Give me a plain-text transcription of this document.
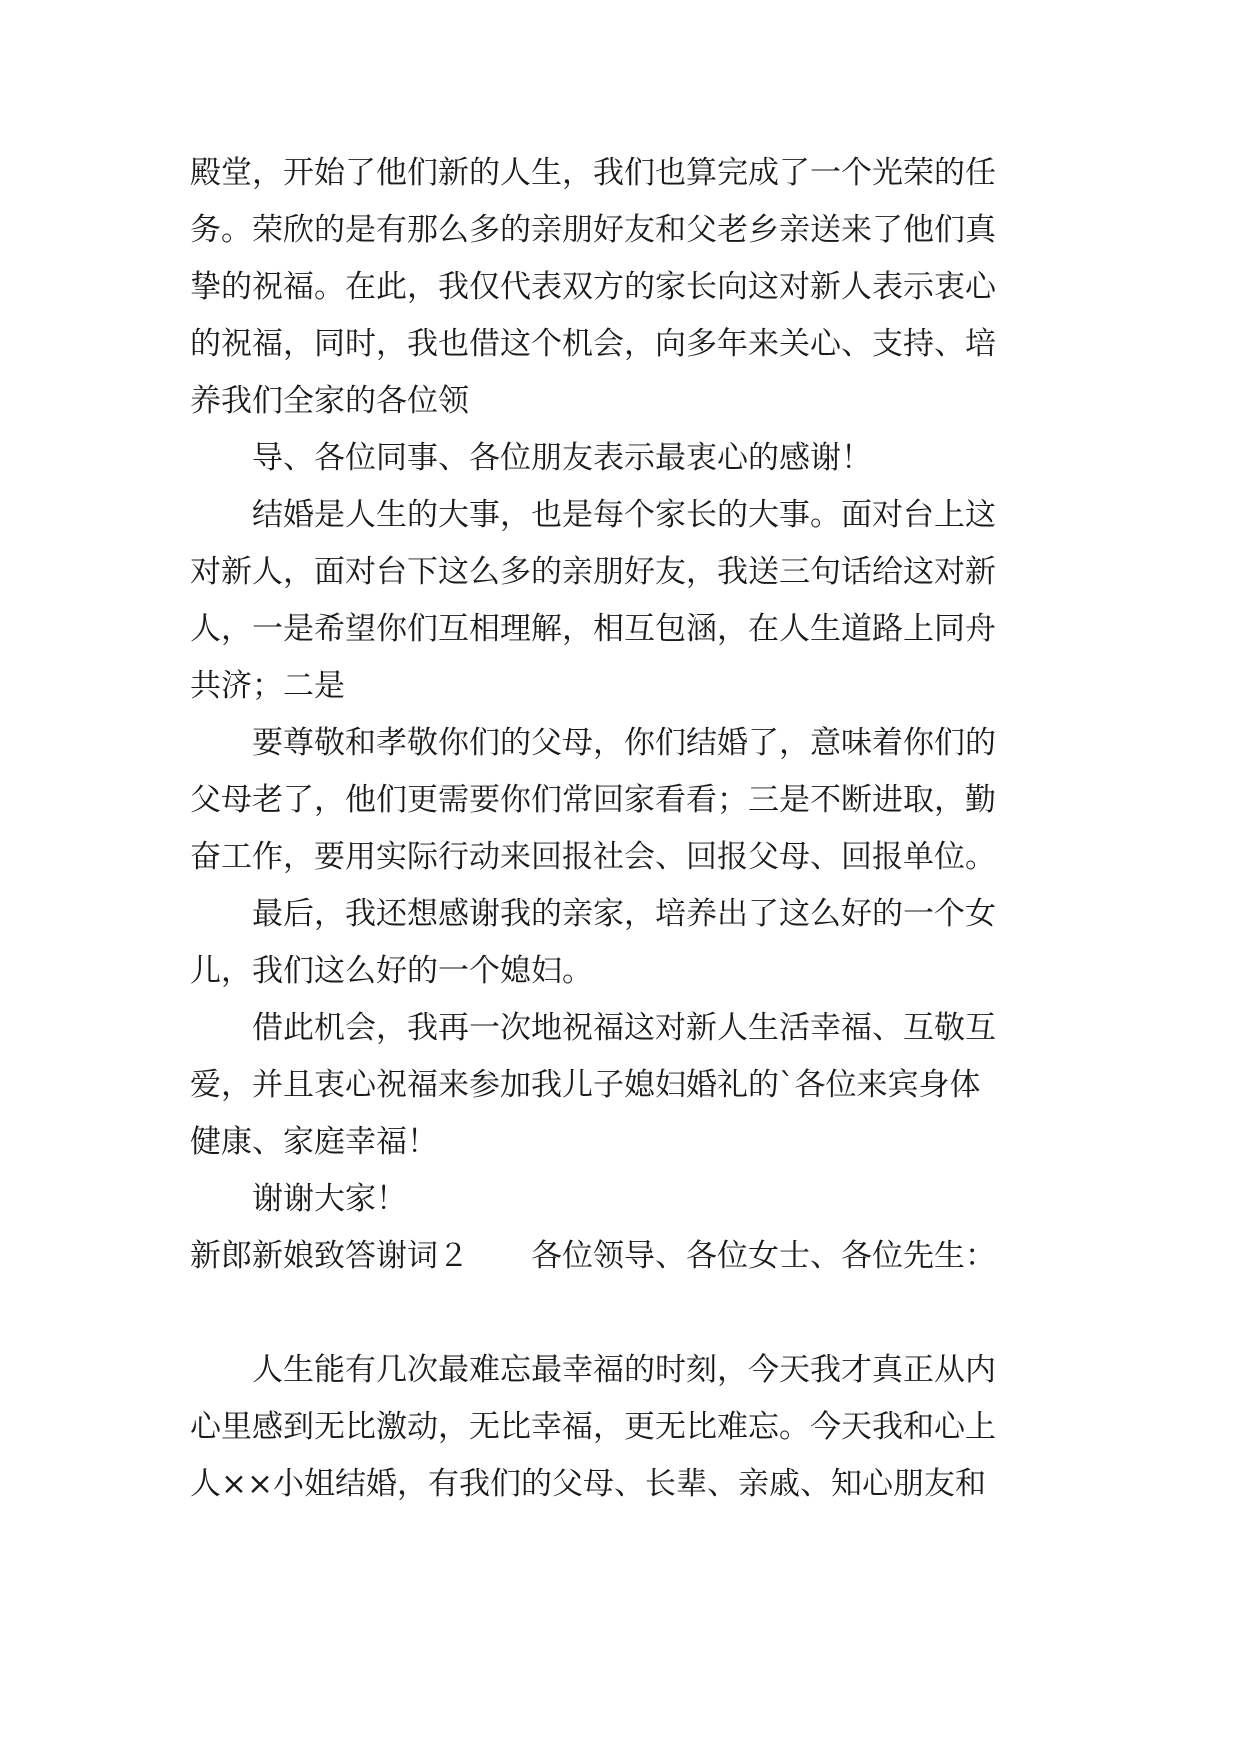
殿堂，开始了他们新的人生，我们也算完成了一个光荣的任
务。荣欣的是有那么多的亲朋好友和父老乡亲送来了他们真
挚的祝福。在此，我仅代表双方的家长向这对新人表示衷心
的祝福，同时，我也借这个机会，向多年来关心、支持、培
养我们全家的各位领
导、各位同事、各位朋友表示最衷心的感谢！
结婚是人生的大事，也是每个家长的大事。面对台上这
对新人，面对台下这么多的亲朋好友，我送三句话给这对新
人，一是希望你们互相理解，相互包涵，在人生道路上同舟
共济；二是
要尊敬和孝敬你们的父母，你们结婚了，意味着你们的
父母老了，他们更需要你们常回家看看；三是不断进取，勤
奋工作，要用实际行动来回报社会、回报父母、回报单位。
最后，我还想感谢我的亲家，培养出了这么好的一个女
儿，我们这么好的一个媳妇。
借此机会，我再一次地祝福这对新人生活幸福、互敬互
爱，并且衷心祝福来参加我儿子媳妇婚礼的`各位来宾身体
健康、家庭幸福！
谢谢大家！
新郎新娘致答谢词２ 各位领导、各位女士、各位先生：
人生能有几次最难忘最幸福的时刻，今天我才真正从内
心里感到无比激动，无比幸福，更无比难忘。今天我和心上
人××小姐结婚，有我们的父母、长辈、亲戚、知心朋友和
